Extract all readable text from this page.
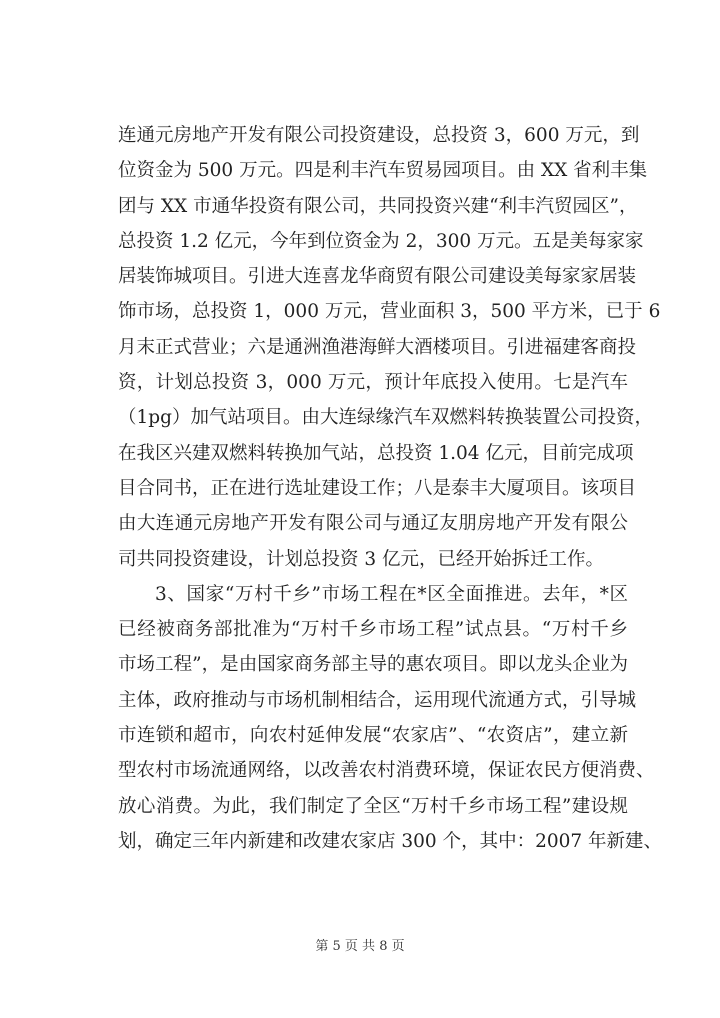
连通元房地产开发有限公司投资建设，总投资 3，600 万元，到
位资金为 500 万元。四是利丰汽车贸易园项目。由 XX 省利丰集
团与 XX 市通华投资有限公司，共同投资兴建“利丰汽贸园区”，
总投资 1.2 亿元，今年到位资金为 2，300 万元。五是美每家家
居装饰城项目。引进大连喜龙华商贸有限公司建设美每家家居装
饰市场，总投资 1，000 万元，营业面积 3，500 平方米，已于 6
月末正式营业；六是通洲渔港海鲜大酒楼项目。引进福建客商投
资，计划总投资 3，000 万元，预计年底投入使用。七是汽车
（1pg）加气站项目。由大连绿缘汽车双燃料转换装置公司投资，
在我区兴建双燃料转换加气站，总投资 1.04 亿元，目前完成项
目合同书，正在进行选址建设工作；八是泰丰大厦项目。该项目
由大连通元房地产开发有限公司与通辽友朋房地产开发有限公
司共同投资建设，计划总投资 3 亿元，已经开始拆迁工作。
3、国家“万村千乡”市场工程在*区全面推进。去年，*区
已经被商务部批准为“万村千乡市场工程”试点县。“万村千乡
市场工程”，是由国家商务部主导的惠农项目。即以龙头企业为
主体，政府推动与市场机制相结合，运用现代流通方式，引导城
市连锁和超市，向农村延伸发展“农家店”、“农资店”，建立新
型农村市场流通网络，以改善农村消费环境，保证农民方便消费、
放心消费。为此，我们制定了全区“万村千乡市场工程”建设规
划，确定三年内新建和改建农家店 300 个，其中：2007 年新建、
第 5 页 共 8 页
